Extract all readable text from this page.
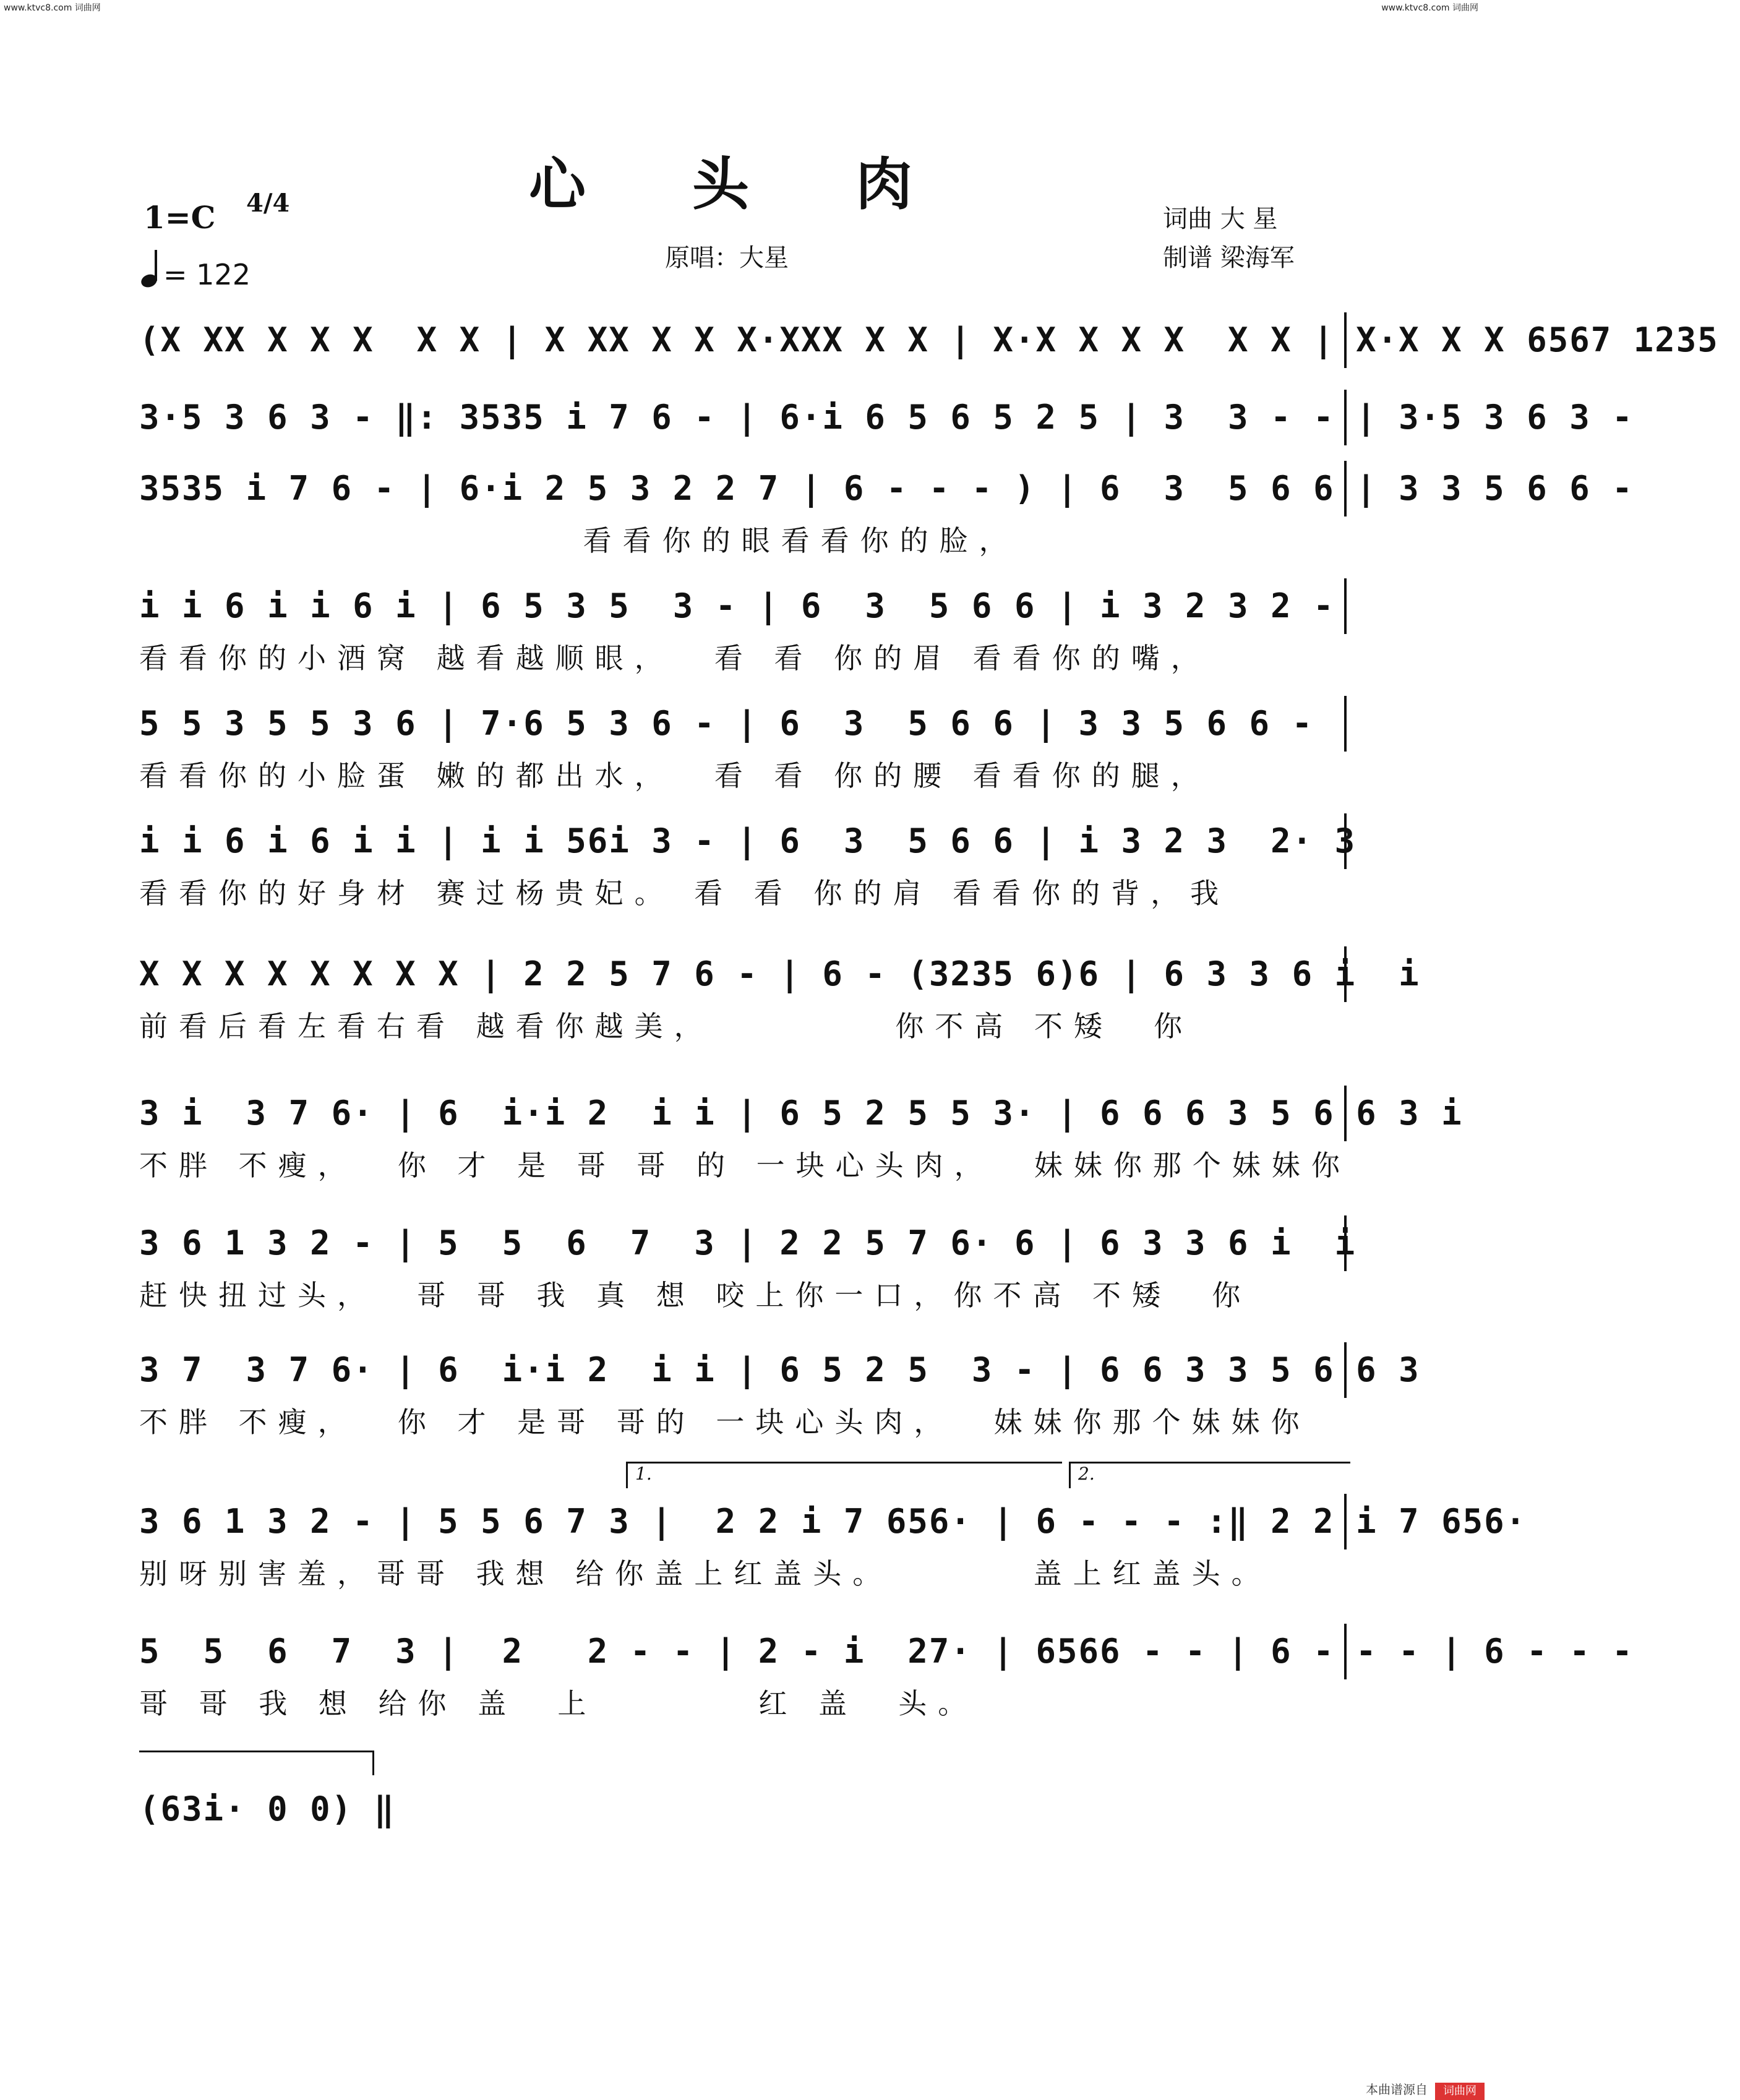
www.ktvc8.com 词曲网	www.ktvc8.com 词曲网
心 头 肉
1=C 4/4
= 122	原唱：大星
词曲 大 星
制谱 梁海军
(X XX X X X  X X | X XX X X X·XXX X X | X·X X X X  X X | X·X X X 6567 1235
3·5 3 6 3 - ‖: 3535 i 7 6 - | 6·i 6 5 6 5 2 5 | 3  3 - - | 3·5 3 6 3 -
3535 i 7 6 - | 6·i 2 5 3 2 2 7 | 6 - - - ) | 6  3  5 6 6 | 3 3 5 6 6 -
看看你的眼看看你的脸，
i i 6 i i 6 i | 6 5 3 5  3 - | 6  3  5 6 6 | i 3 2 3 2 -
看看你的小酒窝 越看越顺眼，  看 看 你的眉 看看你的嘴，
5 5 3 5 5 3 6 | 7·6 5 3 6 - | 6  3  5 6 6 | 3 3 5 6 6 -
看看你的小脸蛋 嫩的都出水，  看 看 你的腰 看看你的腿，
i i 6 i 6 i i | i i 56i 3 - | 6  3  5 6 6 | i 3 2 3  2· 3
看看你的好身材 赛过杨贵妃。 看 看 你的肩 看看你的背，我
X X X X X X X X | 2 2 5 7 6 - | 6 - (3235 6)6 | 6 3 3 6 i  i
前看后看左看右看 越看你越美，         你不高 不矮  你
3 i  3 7 6· | 6  i·i 2  i i | 6 5 2 5 5 3· | 6 6 6 3 5 6 6 3 i
不胖 不瘦，  你 才 是 哥 哥 的 一块心头肉，  妹妹你那个妹妹你
3 6 1 3 2 - | 5  5  6  7  3 | 2 2 5 7 6· 6 | 6 3 3 6 i  i
赶快扭过头，  哥 哥 我 真 想 咬上你一口，你不高 不矮  你
3 7  3 7 6· | 6  i·i 2  i i | 6 5 2 5  3 - | 6 6 3 3 5 6 6 3
不胖 不瘦，  你 才 是哥 哥的 一块心头肉，  妹妹你那个妹妹你
1.	2.
3 6 1 3 2 - | 5 5 6 7 3 |  2 2 i 7 656· | 6 - - - :‖ 2 2 i 7 656·
别呀别害羞，哥哥 我想 给你盖上红盖头。       盖上红盖头。
5  5  6  7  3 |  2   2 - - | 2 - i  27· | 6566 - - | 6 - - - | 6 - - -
哥 哥 我 想 给你 盖  上        红 盖  头。
(63i· 0 0) ‖
本曲谱源自	词曲网
